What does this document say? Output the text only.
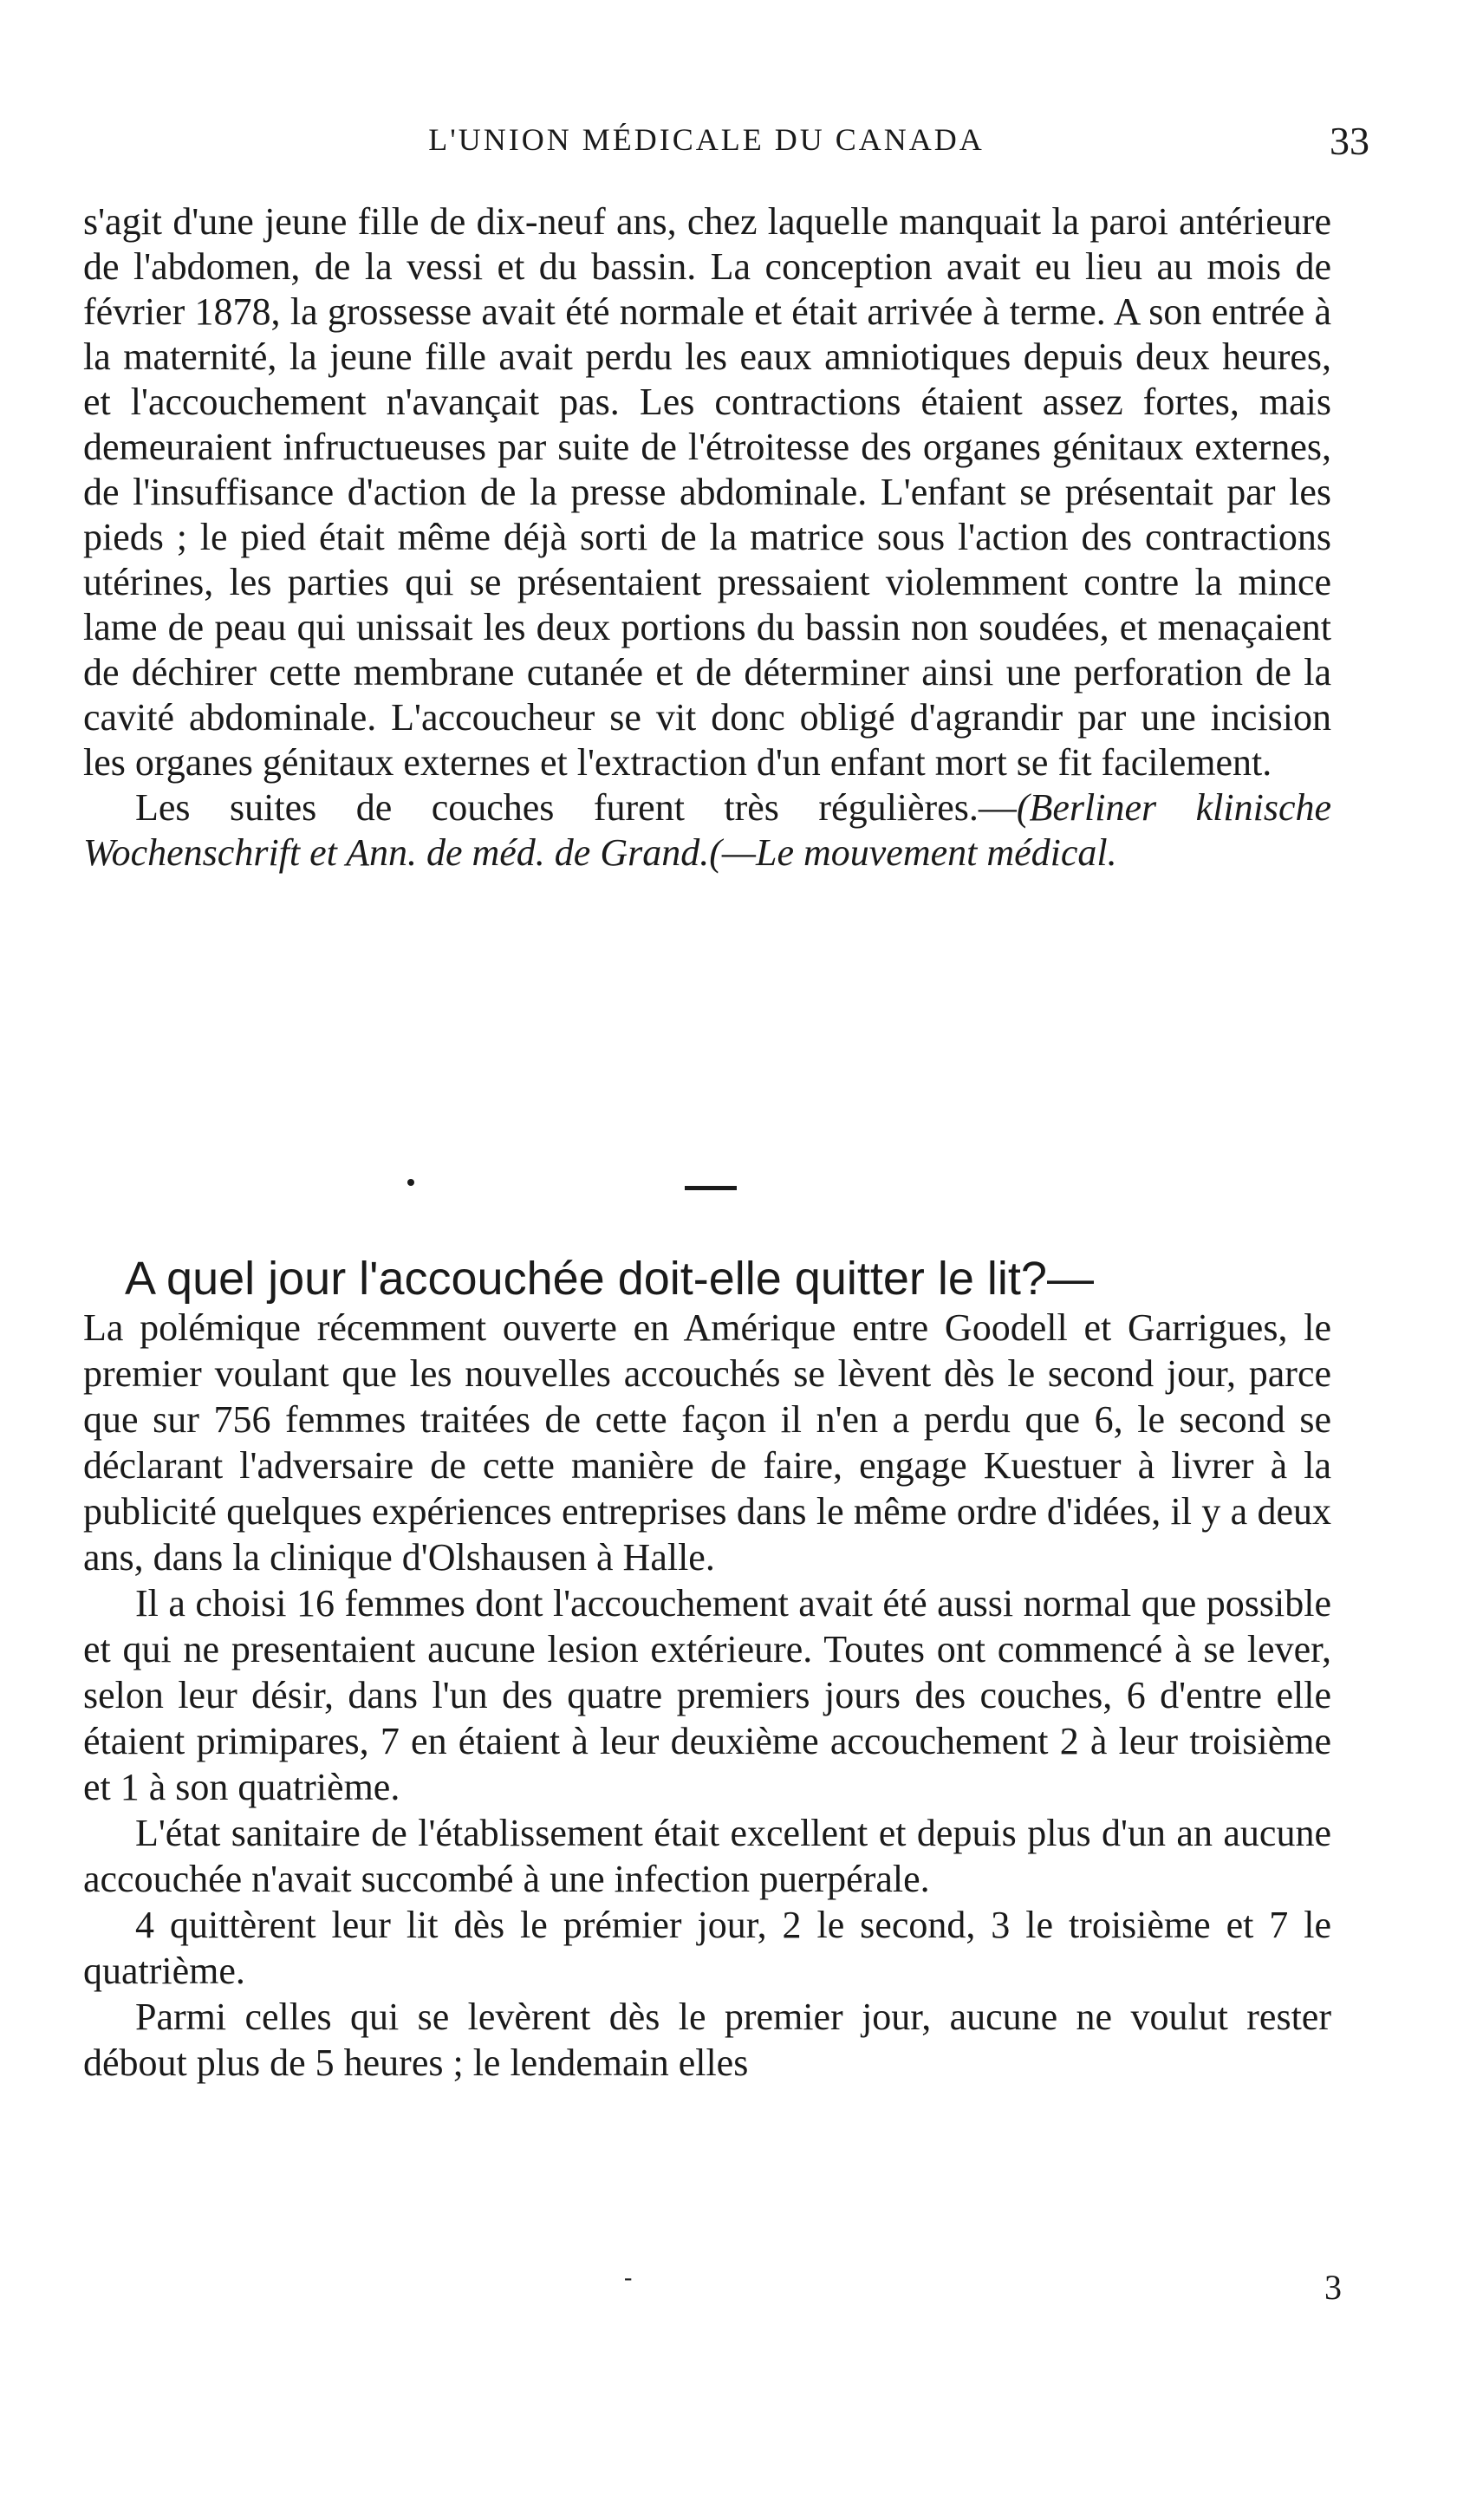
L'UNION MÉDICALE DU CANADA	33

s'agit d'une jeune fille de dix-neuf ans, chez laquelle manquait la paroi antérieure de l'abdomen, de la vessi et du bassin. La conception avait eu lieu au mois de février 1878, la grossesse avait été normale et était arrivée à terme. A son entrée à la maternité, la jeune fille avait perdu les eaux amniotiques depuis deux heures, et l'accouchement n'avançait pas. Les contractions étaient assez fortes, mais demeuraient infructueuses par suite de l'étroitesse des organes génitaux externes, de l'insuffisance d'action de la presse abdominale. L'enfant se présentait par les pieds ; le pied était même déjà sorti de la matrice sous l'action des contractions utérines, les parties qui se présentaient pressaient violemment contre la mince lame de peau qui unissait les deux portions du bassin non soudées, et menaçaient de déchirer cette membrane cutanée et de déterminer ainsi une perforation de la cavité abdominale. L'accoucheur se vit donc obligé d'agrandir par une incision les organes génitaux externes et l'extraction d'un enfant mort se fit facilement.

Les suites de couches furent très régulières.—(Berliner klinische Wochenschrift et Ann. de méd. de Grand.(—Le mouvement médical.

A quel jour l'accouchée doit-elle quitter le lit?—

La polémique récemment ouverte en Amérique entre Goodell et Garrigues, le premier voulant que les nouvelles accouchés se lèvent dès le second jour, parce que sur 756 femmes traitées de cette façon il n'en a perdu que 6, le second se déclarant l'adversaire de cette manière de faire, engage Kuestuer à livrer à la publicité quelques expériences entreprises dans le même ordre d'idées, il y a deux ans, dans la clinique d'Olshausen à Halle.

Il a choisi 16 femmes dont l'accouchement avait été aussi normal que possible et qui ne presentaient aucune lesion extérieure. Toutes ont commencé à se lever, selon leur désir, dans l'un des quatre premiers jours des couches, 6 d'entre elle étaient primipares, 7 en étaient à leur deuxième accouchement 2 à leur troisième et 1 à son quatrième.

L'état sanitaire de l'établissement était excellent et depuis plus d'un an aucune accouchée n'avait succombé à une infection puerpérale.

4 quittèrent leur lit dès le prémier jour, 2 le second, 3 le troisième et 7 le quatrième.

Parmi celles qui se levèrent dès le premier jour, aucune ne voulut rester débout plus de 5 heures ; le lendemain elles

-	3
